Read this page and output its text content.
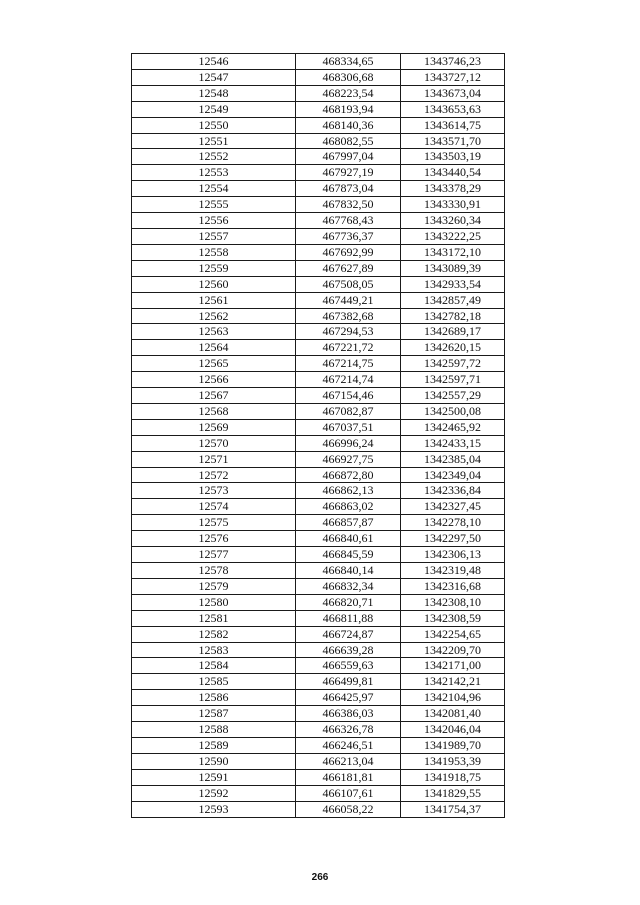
12546	468334,65	1343746,23
12547	468306,68	1343727,12
12548	468223,54	1343673,04
12549	468193,94	1343653,63
12550	468140,36	1343614,75
12551	468082,55	1343571,70
12552	467997,04	1343503,19
12553	467927,19	1343440,54
12554	467873,04	1343378,29
12555	467832,50	1343330,91
12556	467768,43	1343260,34
12557	467736,37	1343222,25
12558	467692,99	1343172,10
12559	467627,89	1343089,39
12560	467508,05	1342933,54
12561	467449,21	1342857,49
12562	467382,68	1342782,18
12563	467294,53	1342689,17
12564	467221,72	1342620,15
12565	467214,75	1342597,72
12566	467214,74	1342597,71
12567	467154,46	1342557,29
12568	467082,87	1342500,08
12569	467037,51	1342465,92
12570	466996,24	1342433,15
12571	466927,75	1342385,04
12572	466872,80	1342349,04
12573	466862,13	1342336,84
12574	466863,02	1342327,45
12575	466857,87	1342278,10
12576	466840,61	1342297,50
12577	466845,59	1342306,13
12578	466840,14	1342319,48
12579	466832,34	1342316,68
12580	466820,71	1342308,10
12581	466811,88	1342308,59
12582	466724,87	1342254,65
12583	466639,28	1342209,70
12584	466559,63	1342171,00
12585	466499,81	1342142,21
12586	466425,97	1342104,96
12587	466386,03	1342081,40
12588	466326,78	1342046,04
12589	466246,51	1341989,70
12590	466213,04	1341953,39
12591	466181,81	1341918,75
12592	466107,61	1341829,55
12593	466058,22	1341754,37
266
